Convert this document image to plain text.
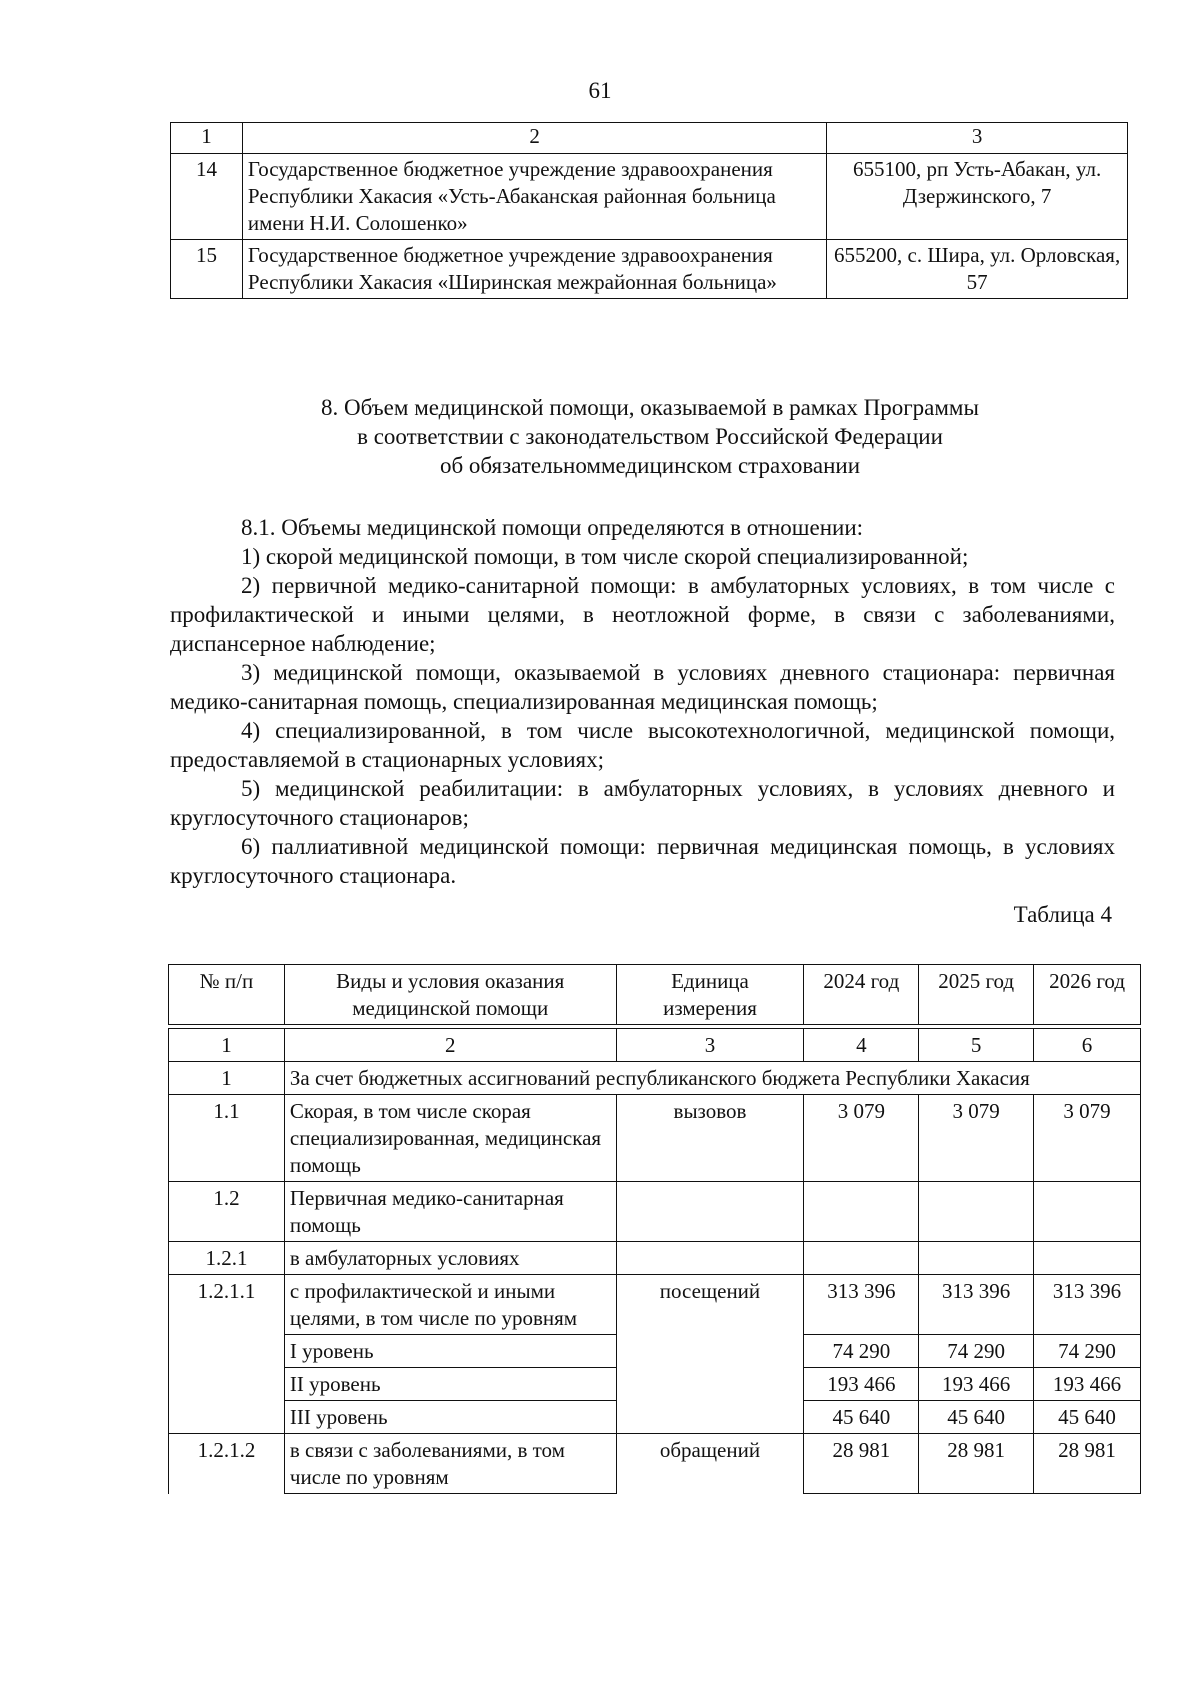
61
1	2	3
14	Государственное бюджетное учреждение здравоохранения Республики Хакасия «Усть-Абаканская районная больница имени Н.И. Солошенко»	655100, рп Усть-Абакан, ул. Дзержинского, 7
15	Государственное бюджетное учреждение здравоохранения Республики Хакасия «Ширинская межрайонная больница»	655200, с. Шира, ул. Орловская, 57
8. Объем медицинской помощи, оказываемой в рамках Программы
в соответствии с законодательством Российской Федерации
об обязательноммедицинском страховании

8.1. Объемы медицинской помощи определяются в отношении:

1) скорой медицинской помощи, в том числе скорой специализированной;

2) первичной медико-санитарной помощи: в амбулаторных условиях, в том числе с профилактической и иными целями, в неотложной форме, в связи с заболеваниями, диспансерное наблюдение;

3) медицинской помощи, оказываемой в условиях дневного стационара: первичная медико-санитарная помощь, специализированная медицинская помощь;

4) специализированной, в том числе высокотехнологичной, медицинской помощи, предоставляемой в стационарных условиях;

5) медицинской реабилитации: в амбулаторных условиях, в условиях дневного и круглосуточного стационаров;

6) паллиативной медицинской помощи: первичная медицинская помощь, в условиях круглосуточного стационара.

Таблица 4
№ п/п	Виды и условия оказания медицинской помощи	Единица измерения	2024 год	2025 год	2026 год

1	2	3	4	5	6
1	За счет бюджетных ассигнований республиканского бюджета Республики Хакасия				
1.1	Скорая, в том числе скорая специализированная, медицинская помощь	вызовов	3 079	3 079	3 079
1.2	Первичная медико-санитарная помощь				
1.2.1	в амбулаторных условиях				
1.2.1.1	с профилактической и иными целями, в том числе по уровням	посещений	313 396	313 396	313 396
	I уровень		74 290	74 290	74 290
	II уровень		193 466	193 466	193 466
	III уровень		45 640	45 640	45 640
1.2.1.2	в связи с заболеваниями, в том числе по уровням	обращений	28 981	28 981	28 981
